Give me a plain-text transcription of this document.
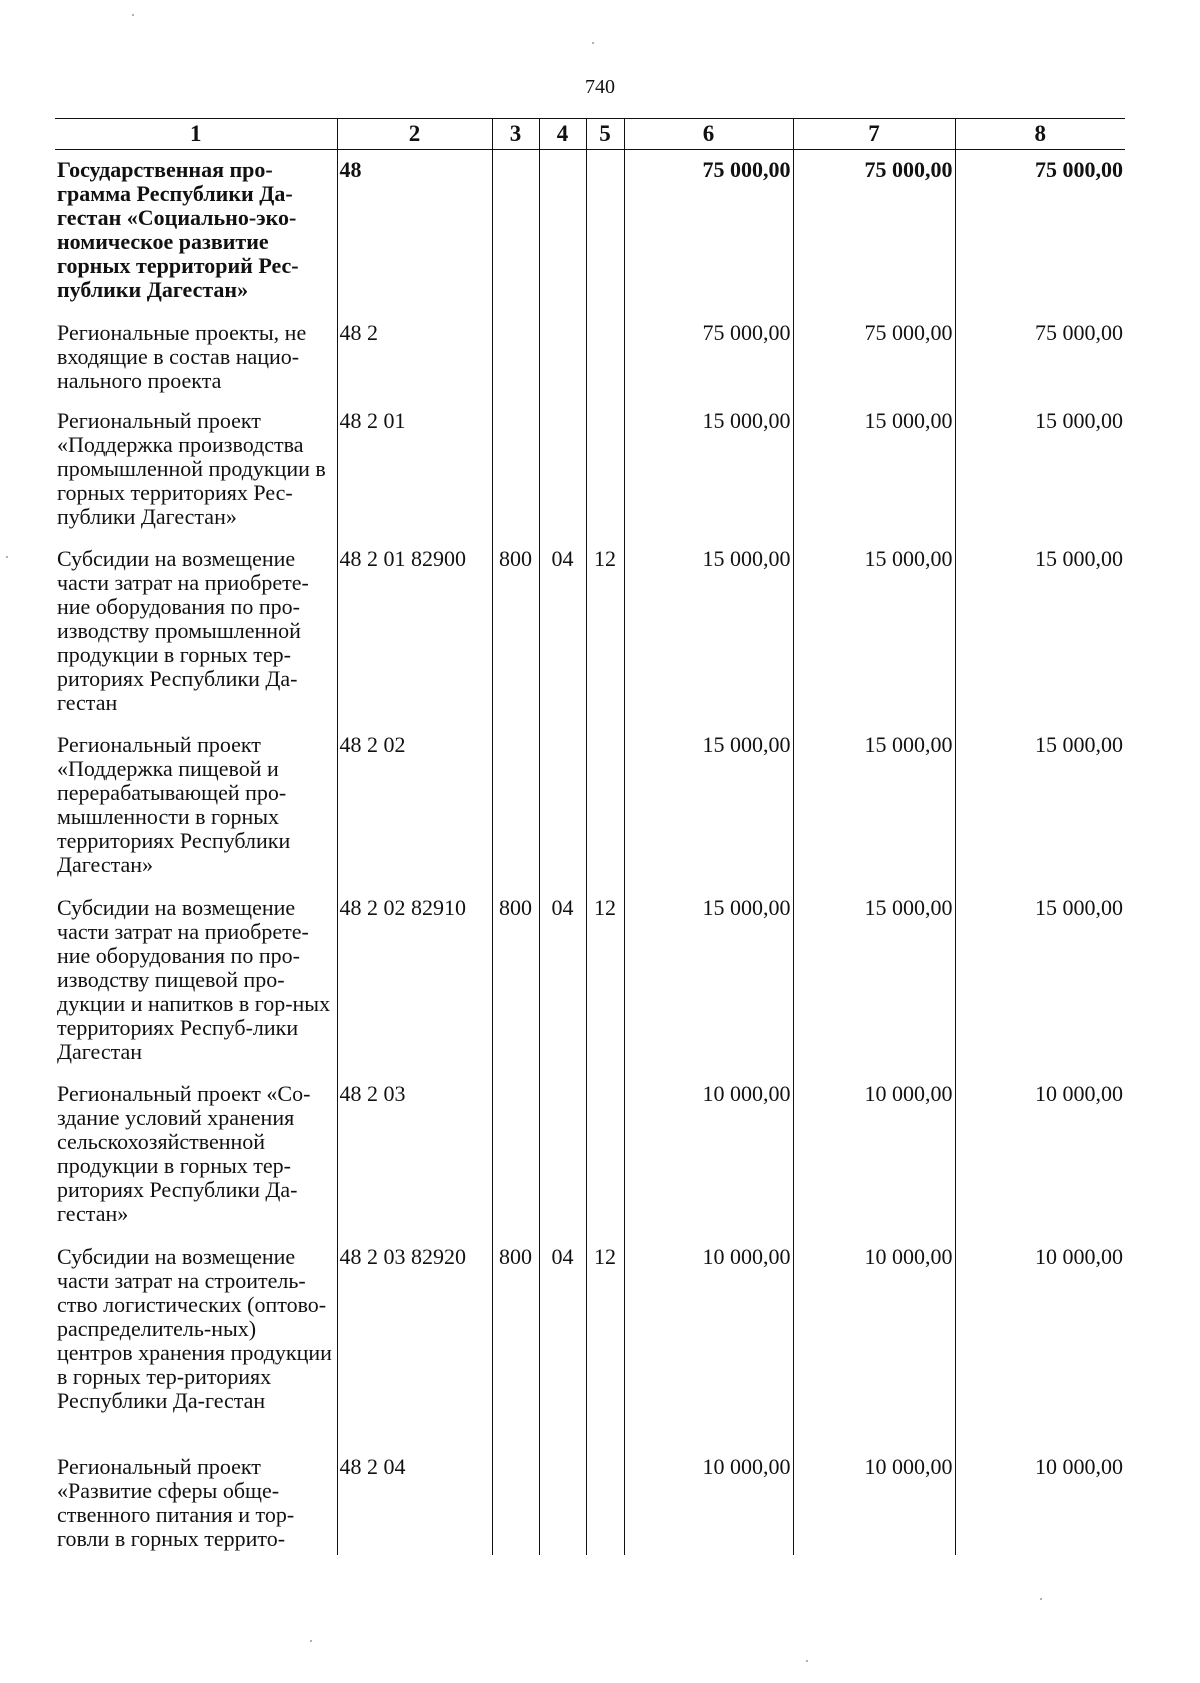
740
1	2	3	4	5	6	7	8
Государственная про-грамма Республики Да-гестан «Социально-эко-номическое развитие горных территорий Рес-публики Дагестан»	48				75 000,00	75 000,00	75 000,00
Региональные проекты, не входящие в состав нацио-нального проекта	48 2				75 000,00	75 000,00	75 000,00
Региональный проект «Поддержка производства промышленной продукции в горных территориях Рес-публики Дагестан»	48 2 01				15 000,00	15 000,00	15 000,00
Субсидии на возмещение части затрат на приобрете-ние оборудования по про-изводству промышленной продукции в горных тер-риториях Республики Да-гестан	48 2 01 82900	800	04	12	15 000,00	15 000,00	15 000,00
Региональный проект «Поддержка пищевой и перерабатывающей про-мышленности в горных территориях Республики Дагестан»	48 2 02				15 000,00	15 000,00	15 000,00
Субсидии на возмещение части затрат на приобрете-ние оборудования по про-изводству пищевой про-дукции и напитков в гор-ных территориях Респуб-лики Дагестан	48 2 02 82910	800	04	12	15 000,00	15 000,00	15 000,00
Региональный проект «Со-здание условий хранения сельскохозяйственной продукции в горных тер-риториях Республики Да-гестан»	48 2 03				10 000,00	10 000,00	10 000,00
Субсидии на возмещение части затрат на строитель-ство логистических (оптово-распределитель-ных) центров хранения продукции в горных тер-риториях Республики Да-гестан	48 2 03 82920	800	04	12	10 000,00	10 000,00	10 000,00
Региональный проект «Развитие сферы обще-ственного питания и тор-говли в горных террито-	48 2 04				10 000,00	10 000,00	10 000,00
